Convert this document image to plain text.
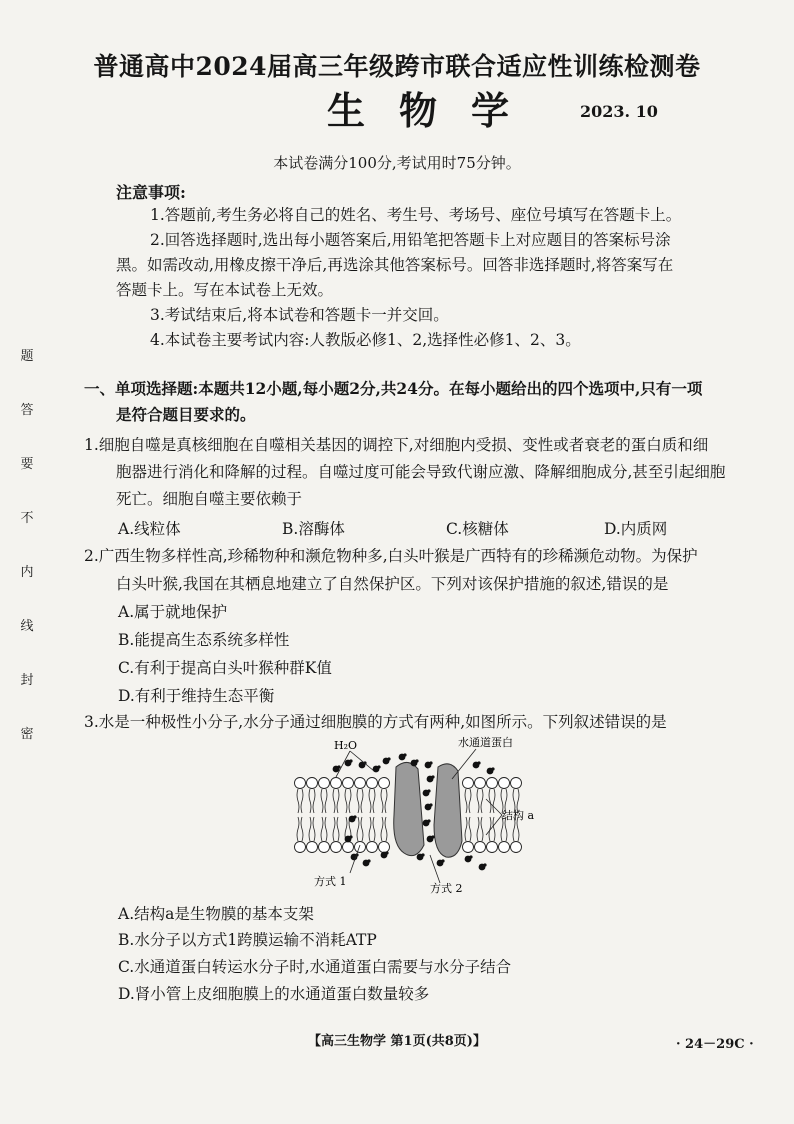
普通高中2024届高三年级跨市联合适应性训练检测卷
生物学 2023. 10
本试卷满分100分,考试用时75分钟。
注意事项:
1.答题前,考生务必将自己的姓名、考生号、考场号、座位号填写在答题卡上。
2.回答选择题时,选出每小题答案后,用铅笔把答题卡上对应题目的答案标号涂
黑。如需改动,用橡皮擦干净后,再选涂其他答案标号。回答非选择题时,将答案写在
答题卡上。写在本试卷上无效。
3.考试结束后,将本试卷和答题卡一并交回。
4.本试卷主要考试内容:人教版必修1、2,选择性必修1、2、3。
题
答
要
不
内
线
封
密
一、单项选择题:本题共12小题,每小题2分,共24分。在每小题给出的四个选项中,只有一项
是符合题目要求的。
1.细胞自噬是真核细胞在自噬相关基因的调控下,对细胞内受损、变性或者衰老的蛋白质和细
胞器进行消化和降解的过程。自噬过度可能会导致代谢应激、降解细胞成分,甚至引起细胞
死亡。细胞自噬主要依赖于
A.线粒体	B.溶酶体	C.核糖体	D.内质网
2.广西生物多样性高,珍稀物种和濒危物种多,白头叶猴是广西特有的珍稀濒危动物。为保护
白头叶猴,我国在其栖息地建立了自然保护区。下列对该保护措施的叙述,错误的是
A.属于就地保护
B.能提高生态系统多样性
C.有利于提高白头叶猴种群K值
D.有利于维持生态平衡
3.水是一种极性小分子,水分子通过细胞膜的方式有两种,如图所示。下列叙述错误的是
H₂O	水通道蛋白
结构 a
方式 1
方式 2
A.结构a是生物膜的基本支架
B.水分子以方式1跨膜运输不消耗ATP
C.水通道蛋白转运水分子时,水通道蛋白需要与水分子结合
D.肾小管上皮细胞膜上的水通道蛋白数量较多
【高三生物学 第1页(共8页)】	· 24－29C ·
